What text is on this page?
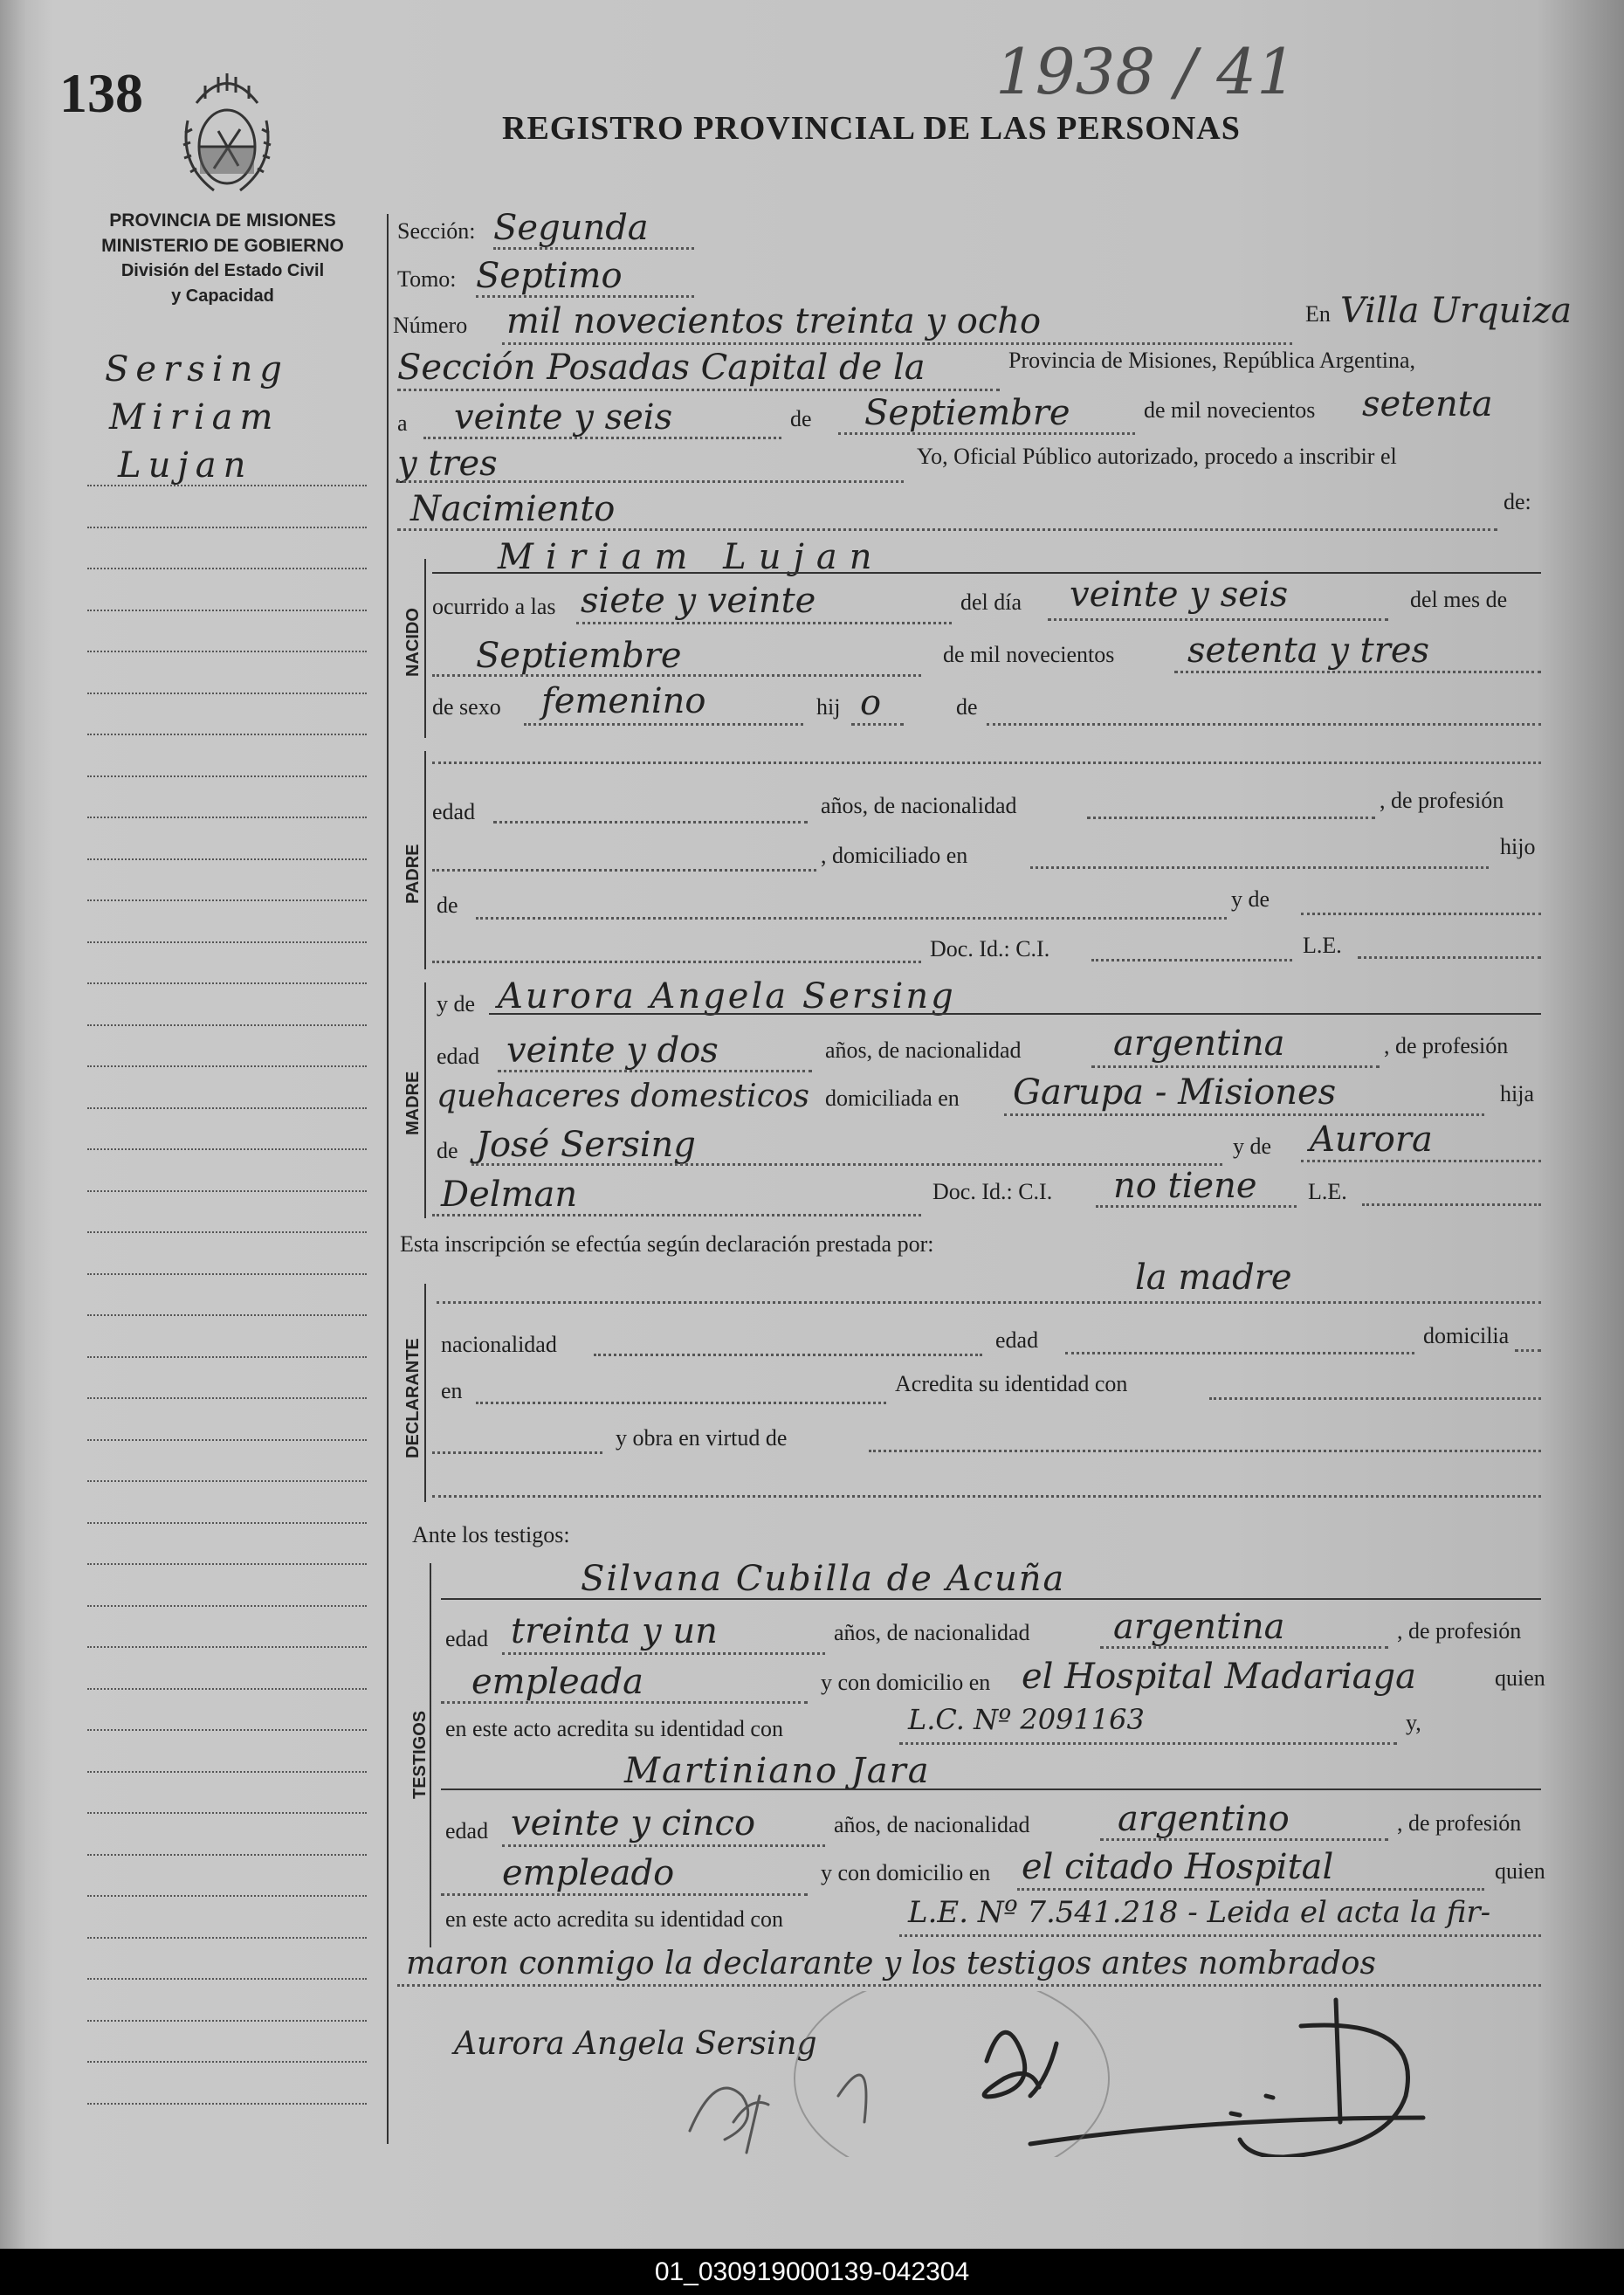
138	1938 / 41
REGISTRO PROVINCIAL DE LAS PERSONAS
PROVINCIA DE MISIONES
MINISTERIO DE GOBIERNO
División del Estado Civil
y Capacidad
Sersing
Miriam
Lujan
Sección: Segunda
Tomo: Septimo
Número mil novecientos treinta y ocho	En Villa Urquiza
Sección Posadas Capital de la	Provincia de Misiones, República Argentina,
a veinte y seis	de Septiembre	de mil novecientos setenta
y tres	Yo, Oficial Público autorizado, procedo a inscribir el
Nacimiento	de:
NACIDO
Miriam Lujan
ocurrido a las siete y veinte	del día veinte y seis	del mes de
Septiembre	de mil novecientos setenta y tres
de sexo femenino	hij o	de
PADRE
edad	años, de nacionalidad	, de profesión
, domiciliado en	hijo
de	y de
Doc. Id.: C.I.	L.E.
MADRE
y de Aurora Angela Sersing
edad veinte y dos	años, de nacionalidad	argentina	, de profesión
quehaceres domesticos domiciliada en Garupa - Misiones	hija
de José Sersing	y de Aurora
Delman	Doc. Id.: C.I. no tiene L.E.
Esta inscripción se efectúa según declaración prestada por:
la madre
DECLARANTE nacionalidad	edad	domicilia
en	Acredita su identidad con
y obra en virtud de
Ante los testigos:
TESTIGOS
Silvana Cubilla de Acuña
edad treinta y un	años, de nacionalidad argentina	, de profesión
empleada	y con domicilio en el Hospital Madariaga	quien
en este acto acredita su identidad con	L.C. Nº 2091163	y,
Martiniano Jara
edad veinte y cinco	años, de nacionalidad	argentino	, de profesión
empleado	y con domicilio en el citado Hospital	quien
en este acto acredita su identidad con	L.E. Nº 7.541.218 - Leida el acta la fir-
maron conmigo la declarante y los testigos antes nombrados
Aurora Angela Sersing
01_030919000139-042304
